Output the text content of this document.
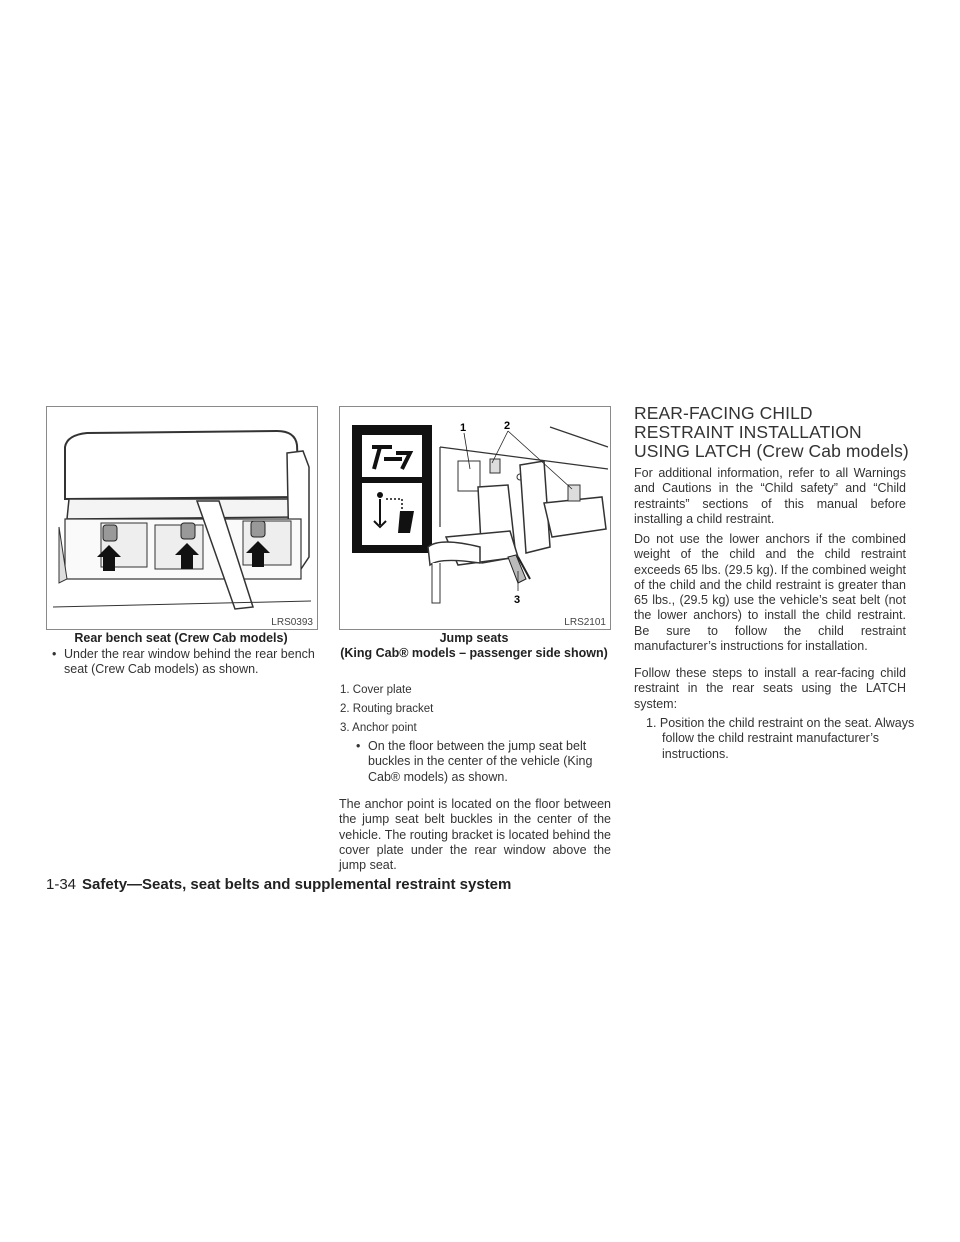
LRS0393
Rear bench seat (Crew Cab models)
• Under the rear window behind the rear bench seat (Crew Cab models) as shown.
1	2
3
LRS2101
Jump seats
(King Cab® models – passenger side shown)
1. Cover plate
2. Routing bracket
3. Anchor point
• On the floor between the jump seat belt buckles in the center of the vehicle (King Cab® models) as shown.

The anchor point is located on the floor between the jump seat belt buckles in the center of the vehicle. The routing bracket is located behind the cover plate under the rear window above the jump seat.

REAR-FACING CHILD RESTRAINT INSTALLATION USING LATCH (Crew Cab models)

For additional information, refer to all Warnings and Cautions in the “Child safety” and “Child restraints” sections of this manual before installing a child restraint.

Do not use the lower anchors if the combined weight of the child and the child restraint exceeds 65 lbs. (29.5 kg). If the combined weight of the child and the child restraint is greater than 65 lbs., (29.5 kg) use the vehicle’s seat belt (not the lower anchors) to install the child restraint. Be sure to follow the child restraint manufacturer’s instructions for installation.

Follow these steps to install a rear-facing child restraint in the rear seats using the LATCH system:

1. Position the child restraint on the seat. Always follow the child restraint manufacturer’s instructions.
1-34 Safety—Seats, seat belts and supplemental restraint system
